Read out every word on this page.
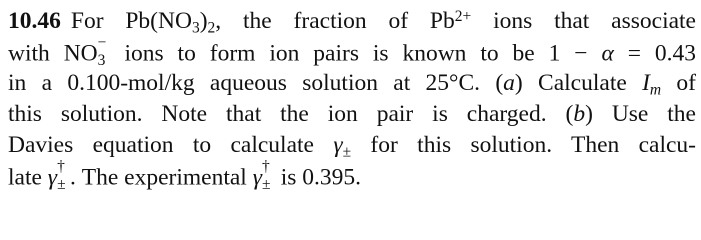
10.46 For $Pb(NO_3)_2$, the fraction of $Pb^{2+}$ ions that associate
with NO −
3 ions to form ion pairs is known to be 1 − α = 0.43
in a 0.100-mol/kg aqueous solution at 25°C. (a) Calculate $I_m$ of
this solution. Note that the ion pair is charged. (b) Use the
Davies equation to calculate γ± for this solution. Then calcu-
late γ †
± . The experimental γ †
± is 0.395.
